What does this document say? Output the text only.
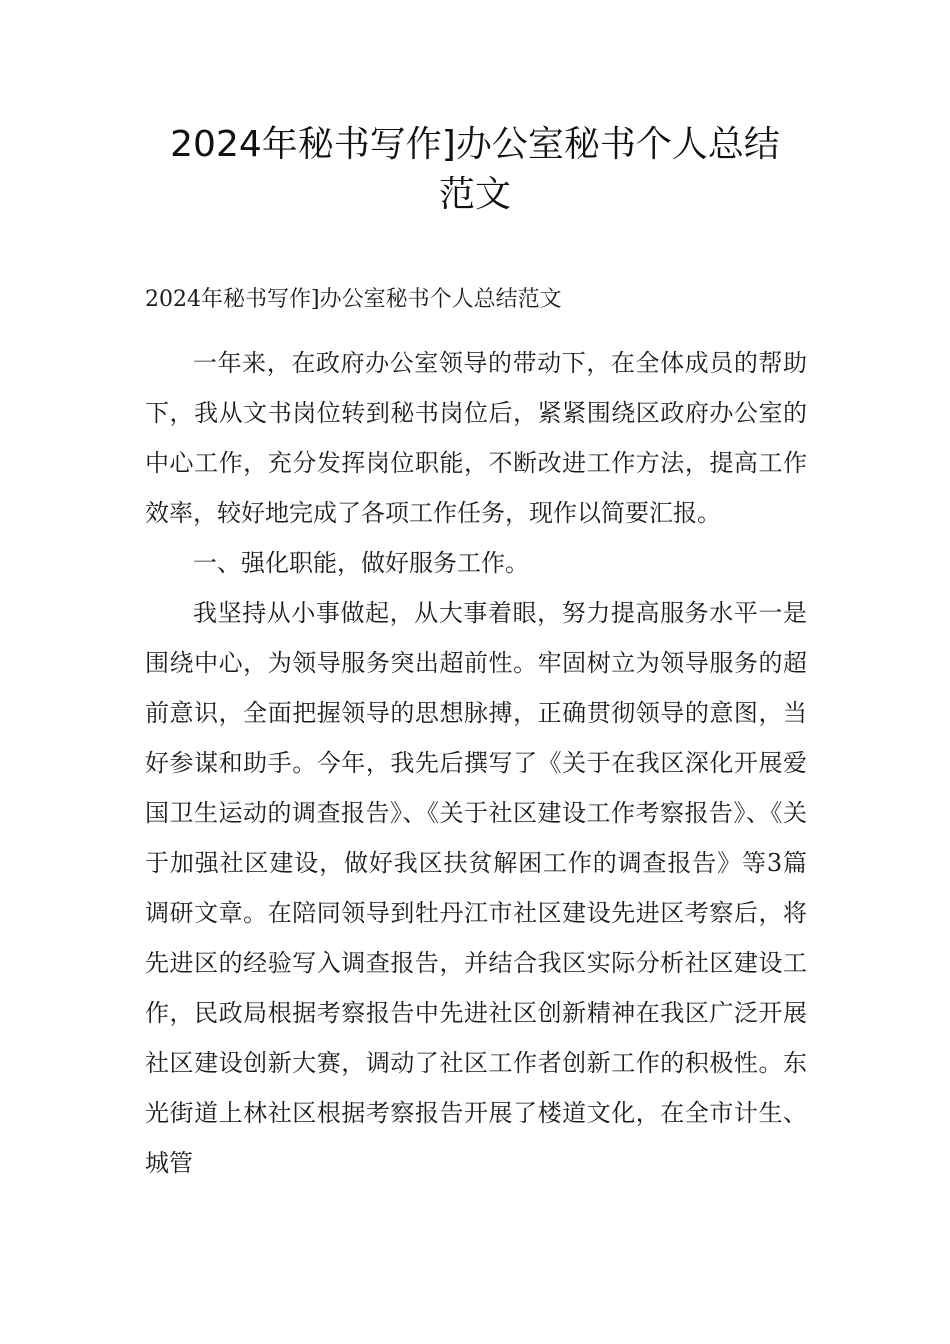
2024年秘书写作]办公室秘书个人总结
范文

2024年秘书写作]办公室秘书个人总结范文

一年来，在政府办公室领导的带动下，在全体成员的帮助下，我从文书岗位转到秘书岗位后，紧紧围绕区政府办公室的中心工作，充分发挥岗位职能，不断改进工作方法，提高工作效率，较好地完成了各项工作任务，现作以简要汇报。

一、强化职能，做好服务工作。

我坚持从小事做起，从大事着眼，努力提高服务水平一是围绕中心，为领导服务突出超前性。牢固树立为领导服务的超前意识，全面把握领导的思想脉搏，正确贯彻领导的意图，当好参谋和助手。今年，我先后撰写了《关于在我区深化开展爱国卫生运动的调查报告》、《关于社区建设工作考察报告》、《关于加强社区建设，做好我区扶贫解困工作的调查报告》等3篇调研文章。在陪同领导到牡丹江市社区建设先进区考察后，将先进区的经验写入调查报告，并结合我区实际分析社区建设工作，民政局根据考察报告中先进社区创新精神在我区广泛开展社区建设创新大赛，调动了社区工作者创新工作的积极性。东光街道上林社区根据考察报告开展了楼道文化，在全市计生、城管
